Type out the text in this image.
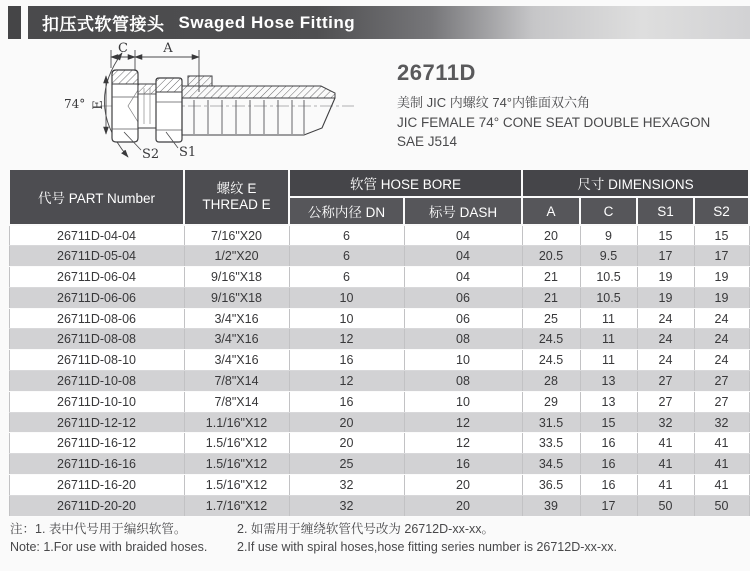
扣压式软管接头 Swaged Hose Fitting
C	A
74° E
S2 S1
26711D
美制 JIC 内螺纹 74°内锥面双六角
JIC FEMALE 74° CONE SEAT DOUBLE HEXAGON
SAE J514
代号 PART Number	螺纹 E
THREAD E	软管 HOSE BORE		尺寸 DIMENSIONS			
		公称内径 DN	标号 DASH	A	C	S1	S2
26711D-04-04	7/16"X20	6	04	20	9	15	15
26711D-05-04	1/2"X20	6	04	20.5	9.5	17	17
26711D-06-04	9/16"X18	6	04	21	10.5	19	19
26711D-06-06	9/16"X18	10	06	21	10.5	19	19
26711D-08-06	3/4"X16	10	06	25	11	24	24
26711D-08-08	3/4"X16	12	08	24.5	11	24	24
26711D-08-10	3/4"X16	16	10	24.5	11	24	24
26711D-10-08	7/8"X14	12	08	28	13	27	27
26711D-10-10	7/8"X14	16	10	29	13	27	27
26711D-12-12	1.1/16"X12	20	12	31.5	15	32	32
26711D-16-12	1.5/16"X12	20	12	33.5	16	41	41
26711D-16-16	1.5/16"X12	25	16	34.5	16	41	41
26711D-16-20	1.5/16"X12	32	20	36.5	16	41	41
26711D-20-20	1.7/16"X12	32	20	39	17	50	50
注：1. 表中代号用于编织软管。
Note: 1.For use with braided hoses.
2. 如需用于缠绕软管代号改为 26712D-xx-xx。
2.If use with spiral hoses,hose fitting series number is 26712D-xx-xx.
